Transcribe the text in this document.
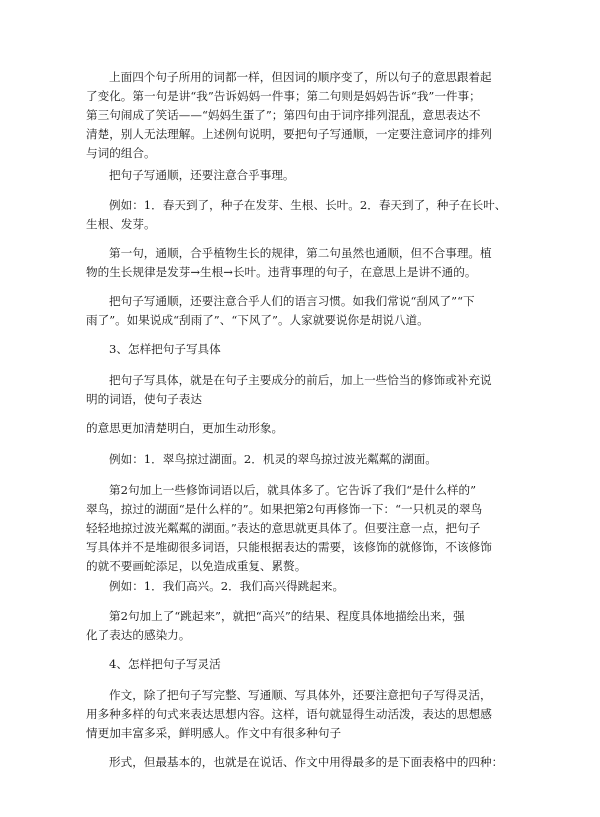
上面四个句子所用的词都一样，但因词的顺序变了，所以句子的意思跟着起
了变化。第一句是讲“我”告诉妈妈一件事；第二句则是妈妈告诉“我”一件事；
第三句闹成了笑话——“妈妈生蛋了”；第四句由于词序排列混乱，意思表达不
清楚，别人无法理解。上述例句说明，要把句子写通顺，一定要注意词序的排列
与词的组合。
把句子写通顺，还要注意合乎事理。
例如：1．春天到了，种子在发芽、生根、长叶。2．春天到了，种子在长叶、
生根、发芽。
第一句，通顺，合乎植物生长的规律，第二句虽然也通顺，但不合事理。植
物的生长规律是发芽→生根→长叶。违背事理的句子，在意思上是讲不通的。
把句子写通顺，还要注意合乎人们的语言习惯。如我们常说“刮风了”“下
雨了”。如果说成“刮雨了”、“下风了”。人家就要说你是胡说八道。
3、怎样把句子写具体
把句子写具体，就是在句子主要成分的前后，加上一些恰当的修饰或补充说
明的词语，使句子表达
的意思更加清楚明白，更加生动形象。
例如：1．翠鸟掠过湖面。2．机灵的翠鸟掠过波光粼粼的湖面。
第2句加上一些修饰词语以后，就具体多了。它告诉了我们“是什么样的”
翠鸟，掠过的湖面“是什么样的”。如果把第2句再修饰一下：“一只机灵的翠鸟
轻轻地掠过波光粼粼的湖面。”表达的意思就更具体了。但要注意一点，把句子
写具体并不是堆砌很多词语，只能根据表达的需要，该修饰的就修饰，不该修饰
的就不要画蛇添足，以免造成重复、累赘。
例如：1．我们高兴。2．我们高兴得跳起来。
第2句加上了“跳起来”，就把“高兴”的结果、程度具体地描绘出来，强
化了表达的感染力。
4、怎样把句子写灵活
作文，除了把句子写完整、写通顺、写具体外，还要注意把句子写得灵活，
用多种多样的句式来表达思想内容。这样，语句就显得生动活泼，表达的思想感
情更加丰富多采，鲜明感人。作文中有很多种句子
形式，但最基本的，也就是在说话、作文中用得最多的是下面表格中的四种：
